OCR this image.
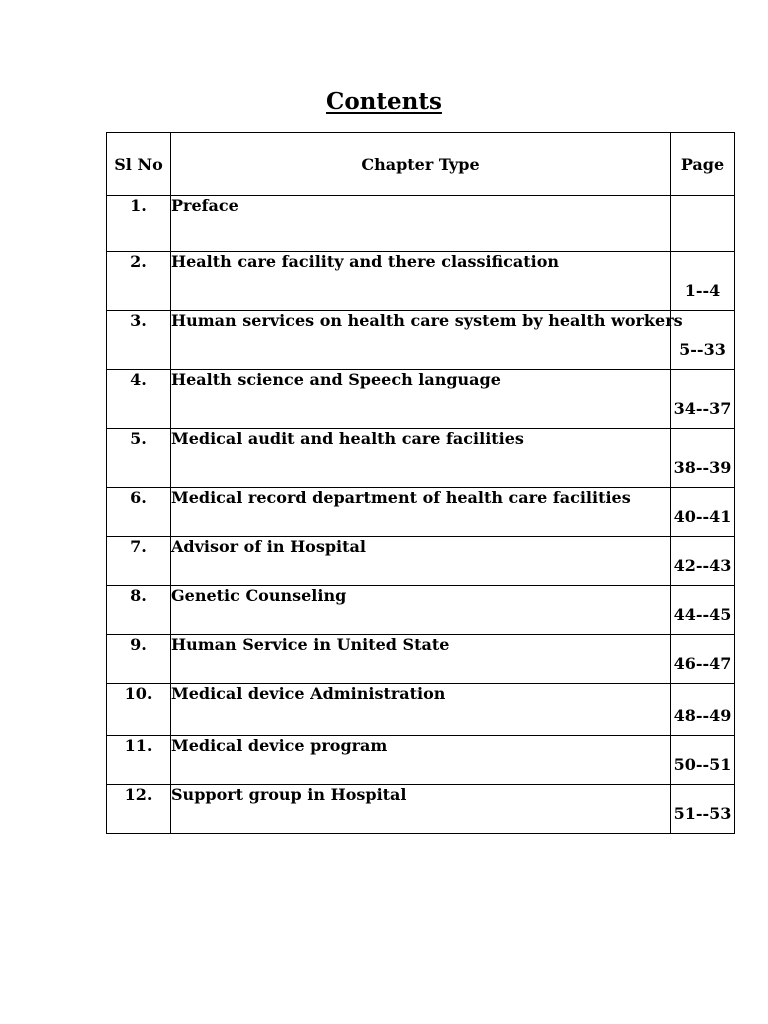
Contents
Sl No	Chapter Type	Page
1.	Preface	
2.	Health care facility and there classification	1--4
3.	Human services on health care system by health workers	5--33
4.	Health science and Speech language	34--37
5.	Medical audit and health care facilities	38--39
6.	Medical record department of health care facilities	40--41
7.	Advisor of in Hospital	42--43
8.	Genetic Counseling	44--45
9.	Human Service in United State	46--47
10.	Medical device Administration	48--49
11.	Medical device program	50--51
12.	Support group in Hospital	51--53
